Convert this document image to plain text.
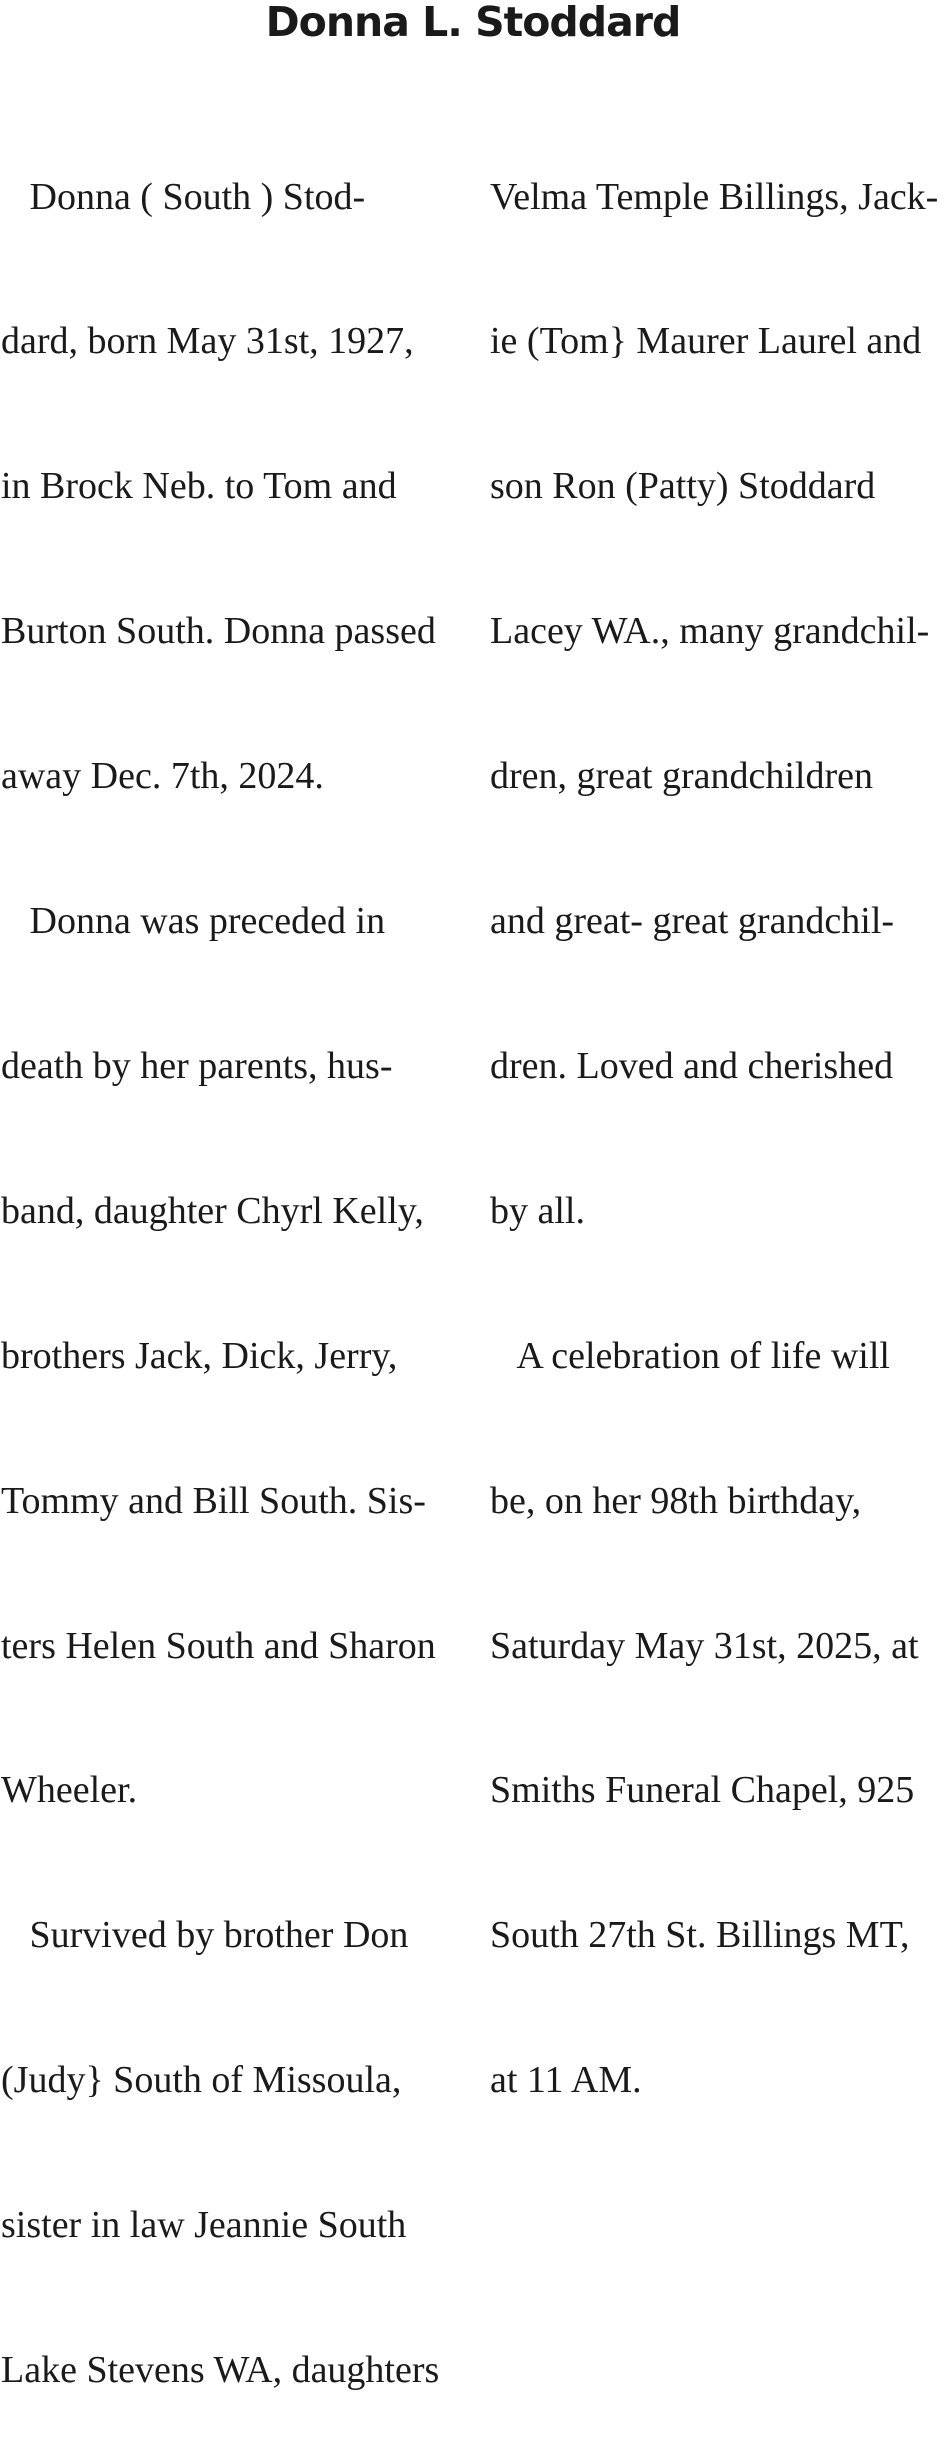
Donna L. Stoddard

Donna ( South ) Stod-

dard, born May 31st, 1927,

in Brock Neb. to Tom and

Burton South. Donna passed

away Dec. 7th, 2024.

Donna was preceded in

death by her parents, hus-

band, daughter Chyrl Kelly,

brothers Jack, Dick, Jerry,

Tommy and Bill South. Sis-

ters Helen South and Sharon

Wheeler.

Survived by brother Don

(Judy} South of Missoula,

sister in law Jeannie South

Lake Stevens WA, daughters

Velma Temple Billings, Jack-

ie (Tom} Maurer Laurel and

son Ron (Patty) Stoddard

Lacey WA., many grandchil-

dren, great grandchildren

and great- great grandchil-

dren. Loved and cherished

by all.

A celebration of life will

be, on her 98th birthday,

Saturday May 31st, 2025, at

Smiths Funeral Chapel, 925

South 27th St. Billings MT,

at 11 AM.
